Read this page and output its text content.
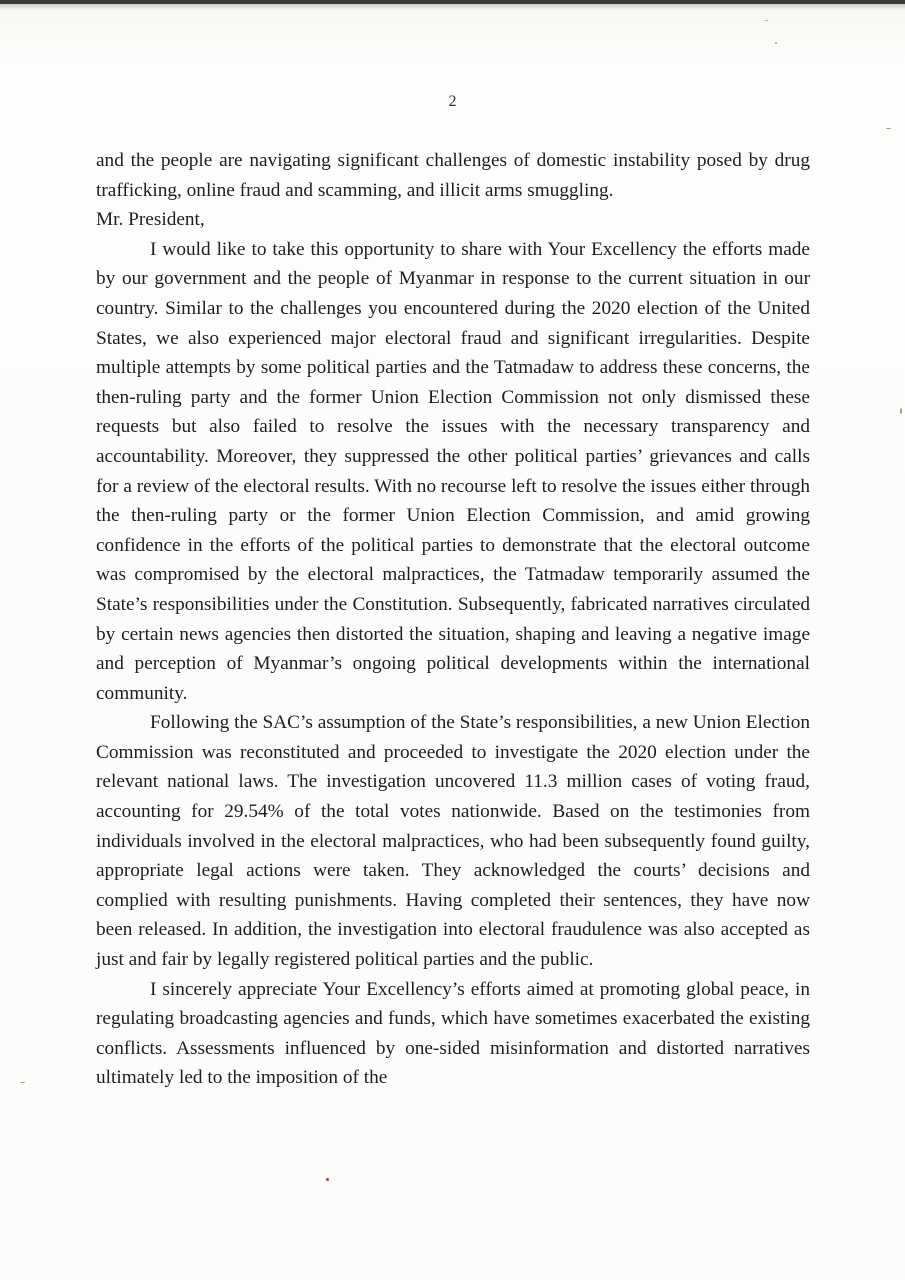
2

and the people are navigating significant challenges of domestic instability posed by drug trafficking, online fraud and scamming, and illicit arms smuggling.

Mr. President,

I would like to take this opportunity to share with Your Excellency the efforts made by our government and the people of Myanmar in response to the current situation in our country. Similar to the challenges you encountered during the 2020 election of the United States, we also experienced major electoral fraud and significant irregularities. Despite multiple attempts by some political parties and the Tatmadaw to address these concerns, the then-ruling party and the former Union Election Commission not only dismissed these requests but also failed to resolve the issues with the necessary transparency and accountability. Moreover, they suppressed the other political parties’ grievances and calls for a review of the electoral results. With no recourse left to resolve the issues either through the then-ruling party or the former Union Election Commission, and amid growing confidence in the efforts of the political parties to demonstrate that the electoral outcome was compromised by the electoral malpractices, the Tatmadaw temporarily assumed the State’s responsibilities under the Constitution. Subsequently, fabricated narratives circulated by certain news agencies then distorted the situation, shaping and leaving a negative image and perception of Myanmar’s ongoing political developments within the international community.

Following the SAC’s assumption of the State’s responsibilities, a new Union Election Commission was reconstituted and proceeded to investigate the 2020 election under the relevant national laws. The investigation uncovered 11.3 million cases of voting fraud, accounting for 29.54% of the total votes nationwide. Based on the testimonies from individuals involved in the electoral malpractices, who had been subsequently found guilty, appropriate legal actions were taken. They acknowledged the courts’ decisions and complied with resulting punishments. Having completed their sentences, they have now been released. In addition, the investigation into electoral fraudulence was also accepted as just and fair by legally registered political parties and the public.

I sincerely appreciate Your Excellency’s efforts aimed at promoting global peace, in regulating broadcasting agencies and funds, which have sometimes exacerbated the existing conflicts. Assessments influenced by one-sided misinformation and distorted narratives ultimately led to the imposition of the
